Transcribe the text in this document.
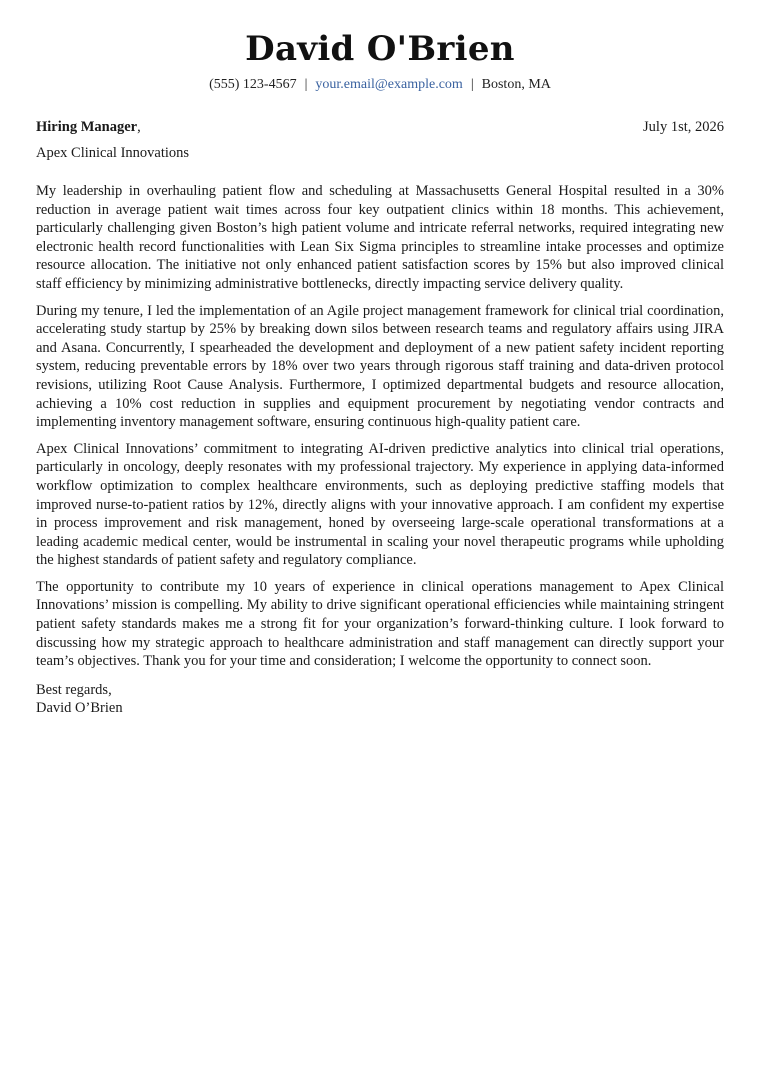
David O'Brien
(555) 123-4567 | your.email@example.com | Boston, MA
Hiring Manager,	July 1st, 2026
Apex Clinical Innovations

My leadership in overhauling patient flow and scheduling at Massachusetts General Hospital resulted in a 30% reduction in average patient wait times across four key outpatient clinics within 18 months. This achievement, particularly challenging given Boston’s high patient volume and intricate referral networks, required integrating new electronic health record functionalities with Lean Six Sigma principles to streamline intake processes and optimize resource allocation. The initiative not only enhanced patient satisfaction scores by 15% but also improved clinical staff efficiency by minimizing administrative bottlenecks, directly impacting service delivery quality.

During my tenure, I led the implementation of an Agile project management framework for clinical trial coordination, accelerating study startup by 25% by breaking down silos between research teams and regulatory affairs using JIRA and Asana. Concurrently, I spearheaded the development and deployment of a new patient safety incident reporting system, reducing preventable errors by 18% over two years through rigorous staff training and data-driven protocol revisions, utilizing Root Cause Analysis. Furthermore, I optimized departmental budgets and resource allocation, achieving a 10% cost reduction in supplies and equipment procurement by negotiating vendor contracts and implementing inventory management software, ensuring continuous high-quality patient care.

Apex Clinical Innovations’ commitment to integrating AI-driven predictive analytics into clinical trial operations, particularly in oncology, deeply resonates with my professional trajectory. My experience in applying data-informed workflow optimization to complex healthcare environments, such as deploying predictive staffing models that improved nurse-to-patient ratios by 12%, directly aligns with your innovative approach. I am confident my expertise in process improvement and risk management, honed by overseeing large-scale operational transformations at a leading academic medical center, would be instrumental in scaling your novel therapeutic programs while upholding the highest standards of patient safety and regulatory compliance.

The opportunity to contribute my 10 years of experience in clinical operations management to Apex Clinical Innovations’ mission is compelling. My ability to drive significant operational efficiencies while maintaining stringent patient safety standards makes me a strong fit for your organization’s forward-thinking culture. I look forward to discussing how my strategic approach to healthcare administration and staff management can directly support your team’s objectives. Thank you for your time and consideration; I welcome the opportunity to connect soon.

Best regards,
David O’Brien
